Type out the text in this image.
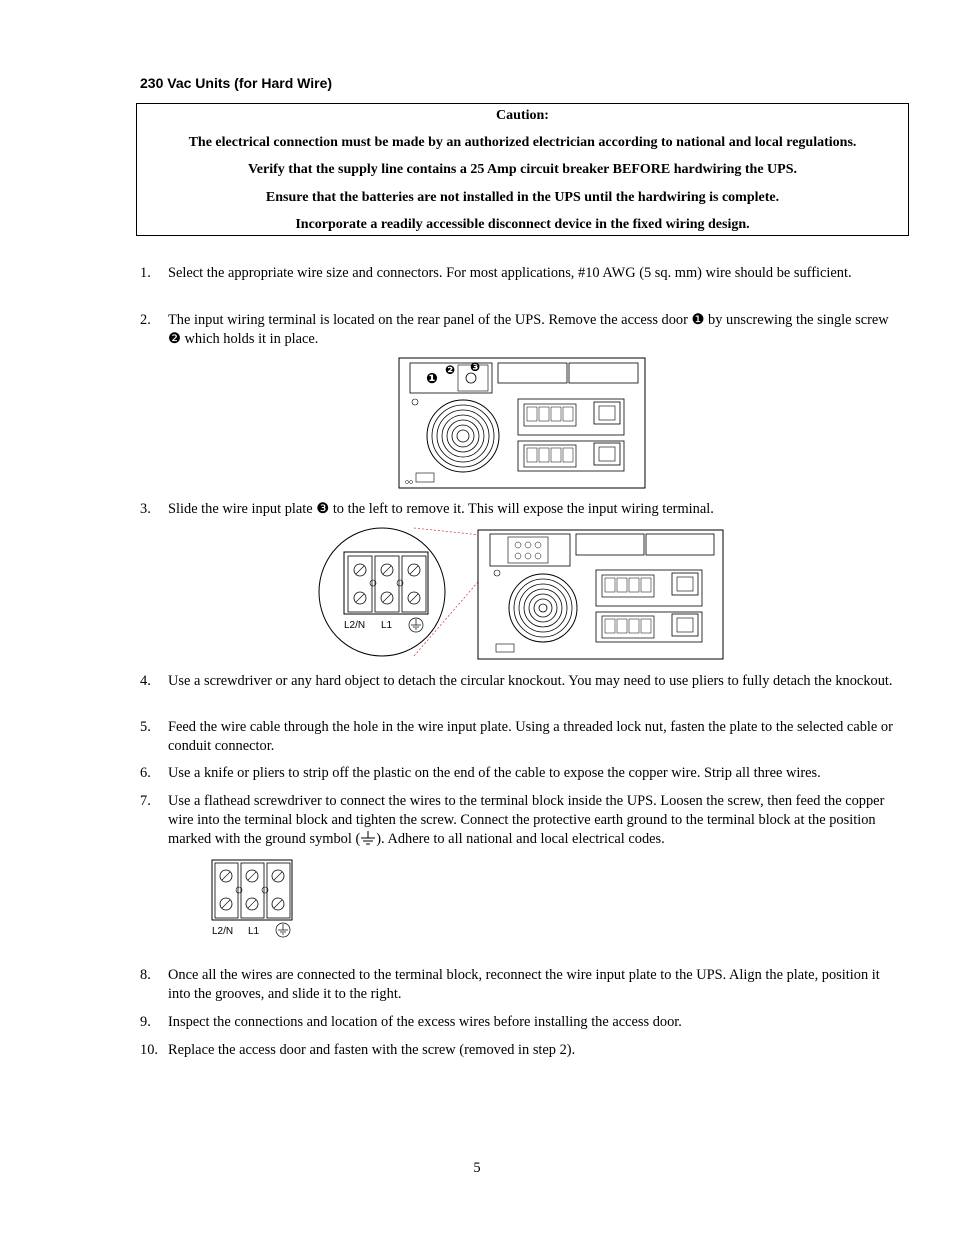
230 Vac Units (for Hard Wire)
Caution:
The electrical connection must be made by an authorized electrician according to national and local regulations.
Verify that the supply line contains a 25 Amp circuit breaker BEFORE hardwiring the UPS.
Ensure that the batteries are not installed in the UPS until the hardwiring is complete.
Incorporate a readily accessible disconnect device in the fixed wiring design.
1. Select the appropriate wire size and connectors. For most applications, #10 AWG (5 sq. mm) wire should be sufficient.
2. The input wiring terminal is located on the rear panel of the UPS. Remove the access door ❶ by unscrewing the single screw ❷ which holds it in place.
❶
❷ ❸
3. Slide the wire input plate ❸ to the left to remove it. This will expose the input wiring terminal.
L2/N L1
4. Use a screwdriver or any hard object to detach the circular knockout. You may need to use pliers to fully detach the knockout.
5. Feed the wire cable through the hole in the wire input plate. Using a threaded lock nut, fasten the plate to the selected cable or conduit connector.
6. Use a knife or pliers to strip off the plastic on the end of the cable to expose the copper wire. Strip all three wires.
7. Use a flathead screwdriver to connect the wires to the terminal block inside the UPS. Loosen the screw, then feed the copper wire into the terminal block and tighten the screw. Connect the protective earth ground to the terminal block at the position marked with the ground symbol ( ). Adhere to all national and local electrical codes.
L2/N L1
8. Once all the wires are connected to the terminal block, reconnect the wire input plate to the UPS. Align the plate, position it into the grooves, and slide it to the right.
9. Inspect the connections and location of the excess wires before installing the access door.
10. Replace the access door and fasten with the screw (removed in step 2).
5
